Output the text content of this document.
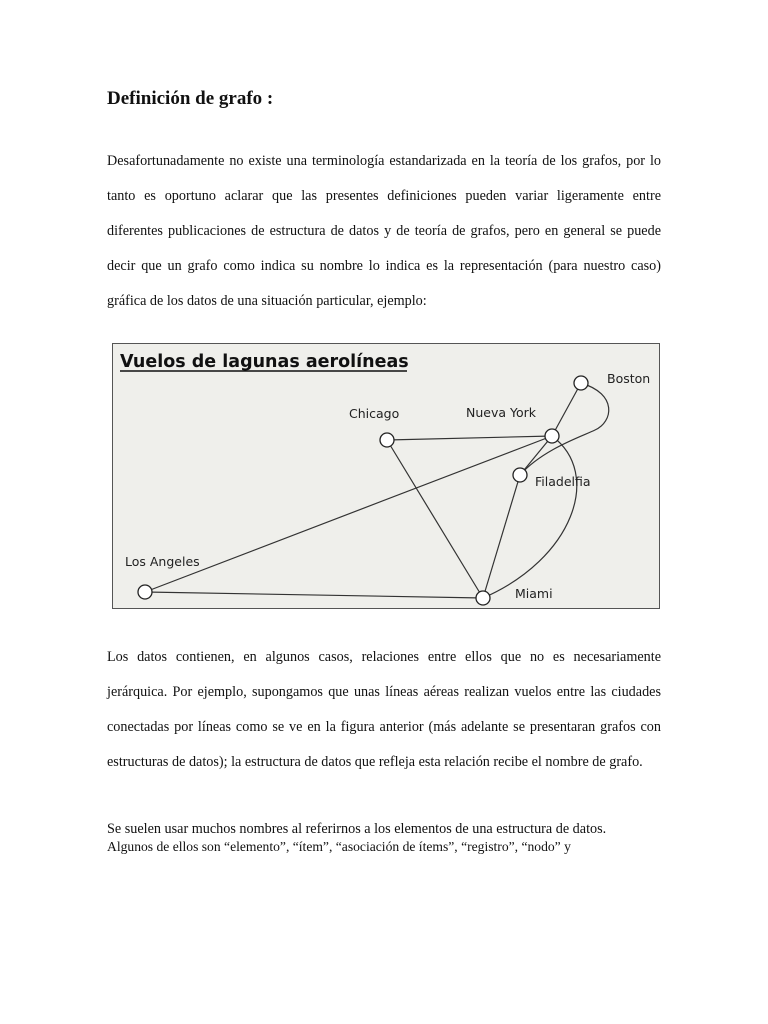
Definición de grafo :

Desafortunadamente no existe una terminología estandarizada en la teoría de los grafos, por lo tanto es oportuno aclarar que las presentes definiciones pueden variar ligeramente entre diferentes publicaciones de estructura de datos y de teoría de grafos, pero en general se puede decir que un grafo como indica su nombre lo indica es la representación (para nuestro caso) gráfica de los datos de una situación particular, ejemplo:

Vuelos de lagunas aerolíneas
Boston
Chicago	Nueva York
Filadelfia
Los Angeles
Miami

Los datos contienen, en algunos casos, relaciones entre ellos que no es necesariamente jerárquica. Por ejemplo, supongamos que unas líneas aéreas realizan vuelos entre las ciudades conectadas por líneas como se ve en la figura anterior (más adelante se presentaran grafos con estructuras de datos); la estructura de datos que refleja esta relación recibe el nombre de grafo.

Se suelen usar muchos nombres al referirnos a los elementos de una estructura de datos.
Algunos de ellos son “elemento”, “ítem”, “asociación de ítems”, “registro”, “nodo” y
